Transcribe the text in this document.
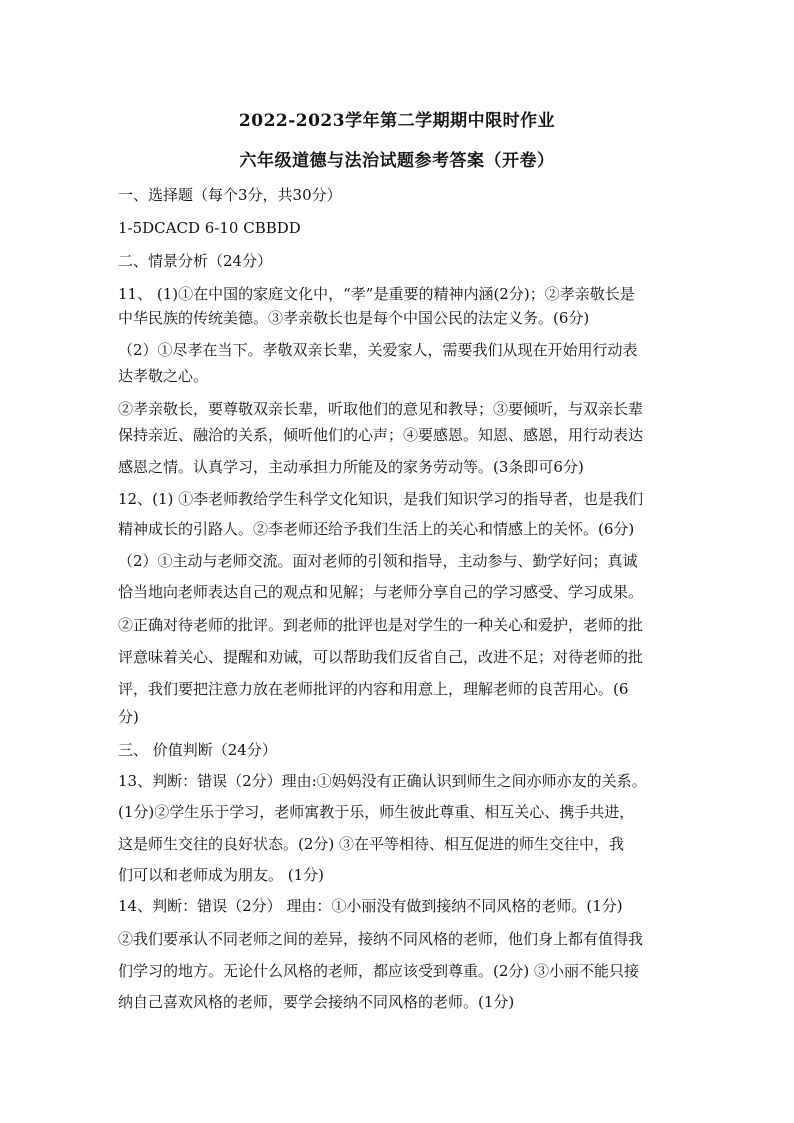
2022-2023学年第二学期期中限时作业
六年级道德与法治试题参考答案（开卷）
一、选择题（每个3分，共30分）
1-5DCACD 6-10 CBBDD
二、情景分析（24分）
11、 (1)①在中国的家庭文化中，“孝”是重要的精神内涵(2分)；②孝亲敬长是
中华民族的传统美德。③孝亲敬长也是每个中国公民的法定义务。(6分)
（2）①尽孝在当下。孝敬双亲长辈，关爱家人，需要我们从现在开始用行动表
达孝敬之心。
②孝亲敬长，要尊敬双亲长辈，听取他们的意见和教导；③要倾听，与双亲长辈
保持亲近、融洽的关系，倾听他们的心声；④要感恩。知恩、感恩，用行动表达
感恩之情。认真学习，主动承担力所能及的家务劳动等。(3条即可6分)
12、(1) ①李老师教给学生科学文化知识，是我们知识学习的指导者，也是我们
精神成长的引路人。②李老师还给予我们生活上的关心和情感上的关怀。(6分)
（2）①主动与老师交流。面对老师的引领和指导，主动参与、勤学好问；真诚
恰当地向老师表达自己的观点和见解；与老师分享自己的学习感受、学习成果。
②正确对待老师的批评。到老师的批评也是对学生的一种关心和爱护，老师的批
评意味着关心、提醒和劝诫，可以帮助我们反省自己，改进不足；对待老师的批
评，我们要把注意力放在老师批评的内容和用意上，理解老师的良苦用心。(6
分)
三、 价值判断（24分）
13、判断：错误（2分）理由:①妈妈没有正确认识到师生之间亦师亦友的关系。
(1分)②学生乐于学习，老师寓教于乐，师生彼此尊重、相互关心、携手共进，
这是师生交往的良好状态。(2分) ③在平等相待、相互促进的师生交往中，我
们可以和老师成为朋友。 (1分)
14、判断：错误（2分） 理由：①小丽没有做到接纳不同风格的老师。(1分)
②我们要承认不同老师之间的差异，接纳不同风格的老师，他们身上都有值得我
们学习的地方。无论什么风格的老师，都应该受到尊重。(2分) ③小丽不能只接
纳自己喜欢风格的老师，要学会接纳不同风格的老师。(1分)
